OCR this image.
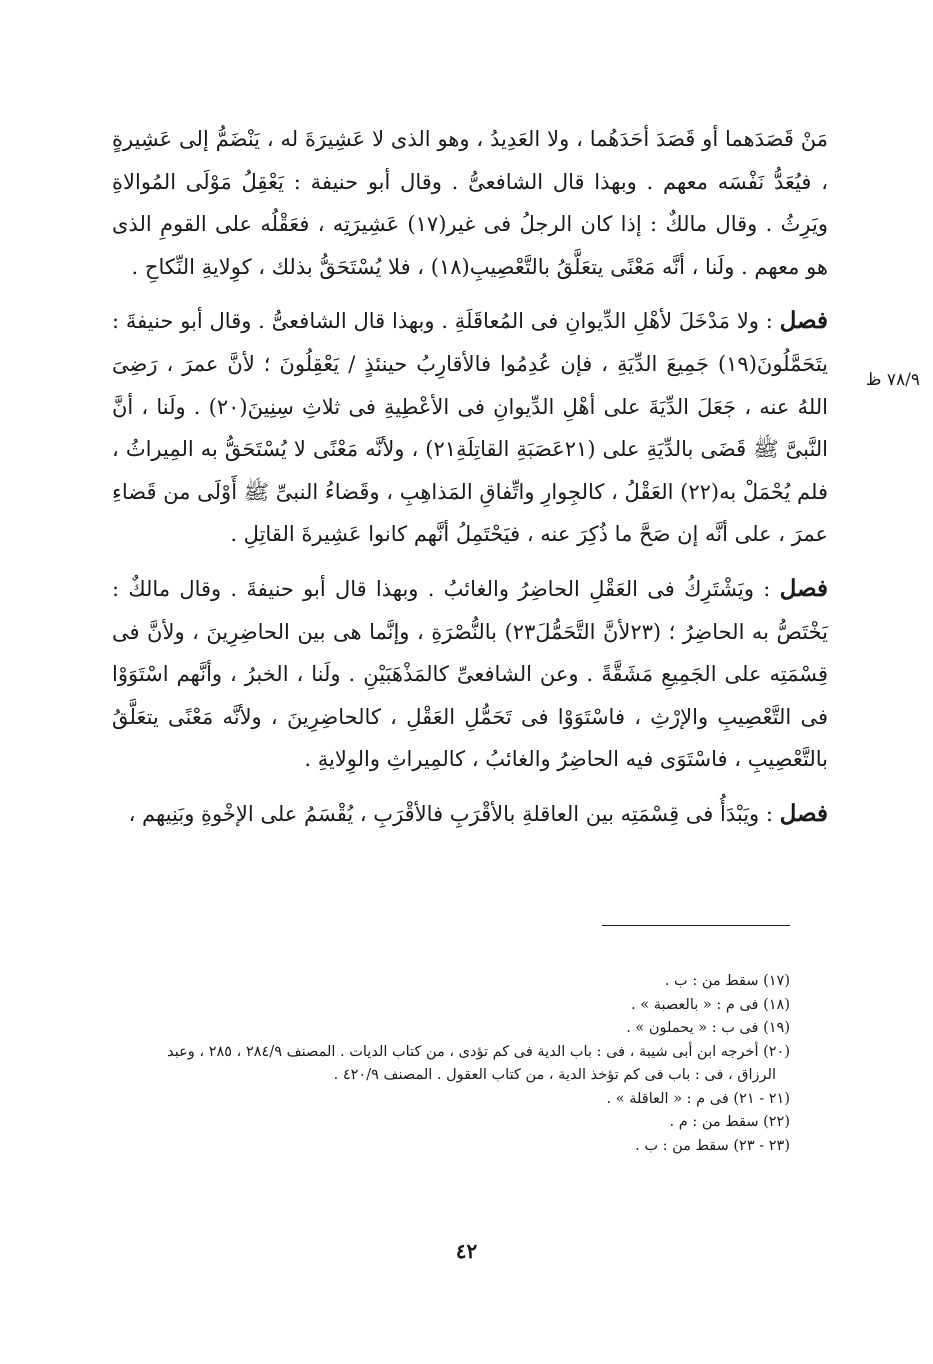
مَنْ قَصَدَهما أو قَصَدَ أحَدَهُما ، ولا العَدِيدُ ، وهو الذى لا عَشِيرَةَ له ، يَنْضَمُّ إلى عَشِيرةٍ ، فيُعَدُّ نَفْسَه معهم . وبهذا قال الشافعىُّ . وقال أبو حنيفة : يَعْقِلُ مَوْلَى المُوالاةِ ويَرِثُ . وقال مالكٌ : إذا كان الرجلُ فى غير(١٧) عَشِيرَتِه ، فعَقْلُه على القومِ الذى هو معهم . ولَنا ، أنَّه مَعْنًى يتعَلَّقُ بالتَّعْصِيبِ(١٨) ، فلا يُسْتَحَقُّ بذلك ، كوِلايةِ النِّكاحِ .

فصل : ولا مَدْخَلَ لأهْلِ الدِّيوانِ فى المُعاقَلَةِ . وبهذا قال الشافعىُّ . وقال أبو حنيفةَ : يتَحَمَّلُونَ(١٩) جَمِيعَ الدِّيَةِ ، فإن عُدِمُوا فالأقارِبُ حينئذٍ / يَعْقِلُونَ ؛ لأنَّ عمرَ ، رَضِىَ اللهُ عنه ، جَعَلَ الدِّيَةَ على أهْلِ الدِّيوانِ فى الأعْطِيةِ فى ثلاثِ سِنِينَ(٢٠) . ولَنا ، أنَّ النَّبىَّ ﷺ قَضَى بالدِّيَةِ على (٢١عَصَبَةِ القاتِلَةِ٢١) ، ولأنَّه مَعْنًى لا يُسْتَحَقُّ به المِيراثُ ، فلم يُحْمَلْ به(٢٢) العَقْلُ ، كالجِوارِ واتِّفاقِ المَذاهِبِ ، وقَضاءُ النبىِّ ﷺ أَوْلَى من قَضاءِ عمرَ ، على أنَّه إن صَحَّ ما ذُكِرَ عنه ، فيَحْتَمِلُ أنَّهم كانوا عَشِيرةَ القاتِلِ .

فصل : ويَشْتَرِكُ فى العَقْلِ الحاضِرُ والغائبُ . وبهذا قال أبو حنيفةَ . وقال مالكٌ : يَخْتَصُّ به الحاضِرُ ؛ (٢٣لأنَّ التَّحَمُّلَ٢٣) بالنُّصْرَةِ ، وإنَّما هى بين الحاضِرِينَ ، ولأنَّ فى قِسْمَتِه على الجَمِيعِ مَشَقَّةً . وعن الشافعىِّ كالمَذْهَبَيْنِ . ولَنا ، الخبرُ ، وأنَّهم اسْتَوَوْا فى التَّعْصِيبِ والإرْثِ ، فاسْتَوَوْا فى تَحَمُّلِ العَقْلِ ، كالحاضِرِينَ ، ولأنَّه مَعْنًى يتعَلَّقُ بالتَّعْصِيبِ ، فاسْتَوَى فيه الحاضِرُ والغائبُ ، كالمِيراثِ والوِلايةِ .

فصل : ويَبْدَأُ فى قِسْمَتِه بين العاقلةِ بالأقْرَبِ فالأقْرَبِ ، يُقْسَمُ على الإخْوةِ وبَنِيهم ،

٧٨/٩ ظ

(١٧) سقط من : ب .

(١٨) فى م : « بالعصبة » .

(١٩) فى ب : « يحملون » .

(٢٠) أخرجه ابن أبى شيبة ، فى : باب الدية فى كم تؤدى ، من كتاب الديات . المصنف ٢٨٤/٩ ، ٢٨٥ ، وعبد

الرزاق ، فى : باب فى كم تؤخذ الدية ، من كتاب العقول . المصنف ٤٢٠/٩ .

(٢١ - ٢١) فى م : « العاقلة » .

(٢٢) سقط من : م .

(٢٣ - ٢٣) سقط من : ب .

٤٢
